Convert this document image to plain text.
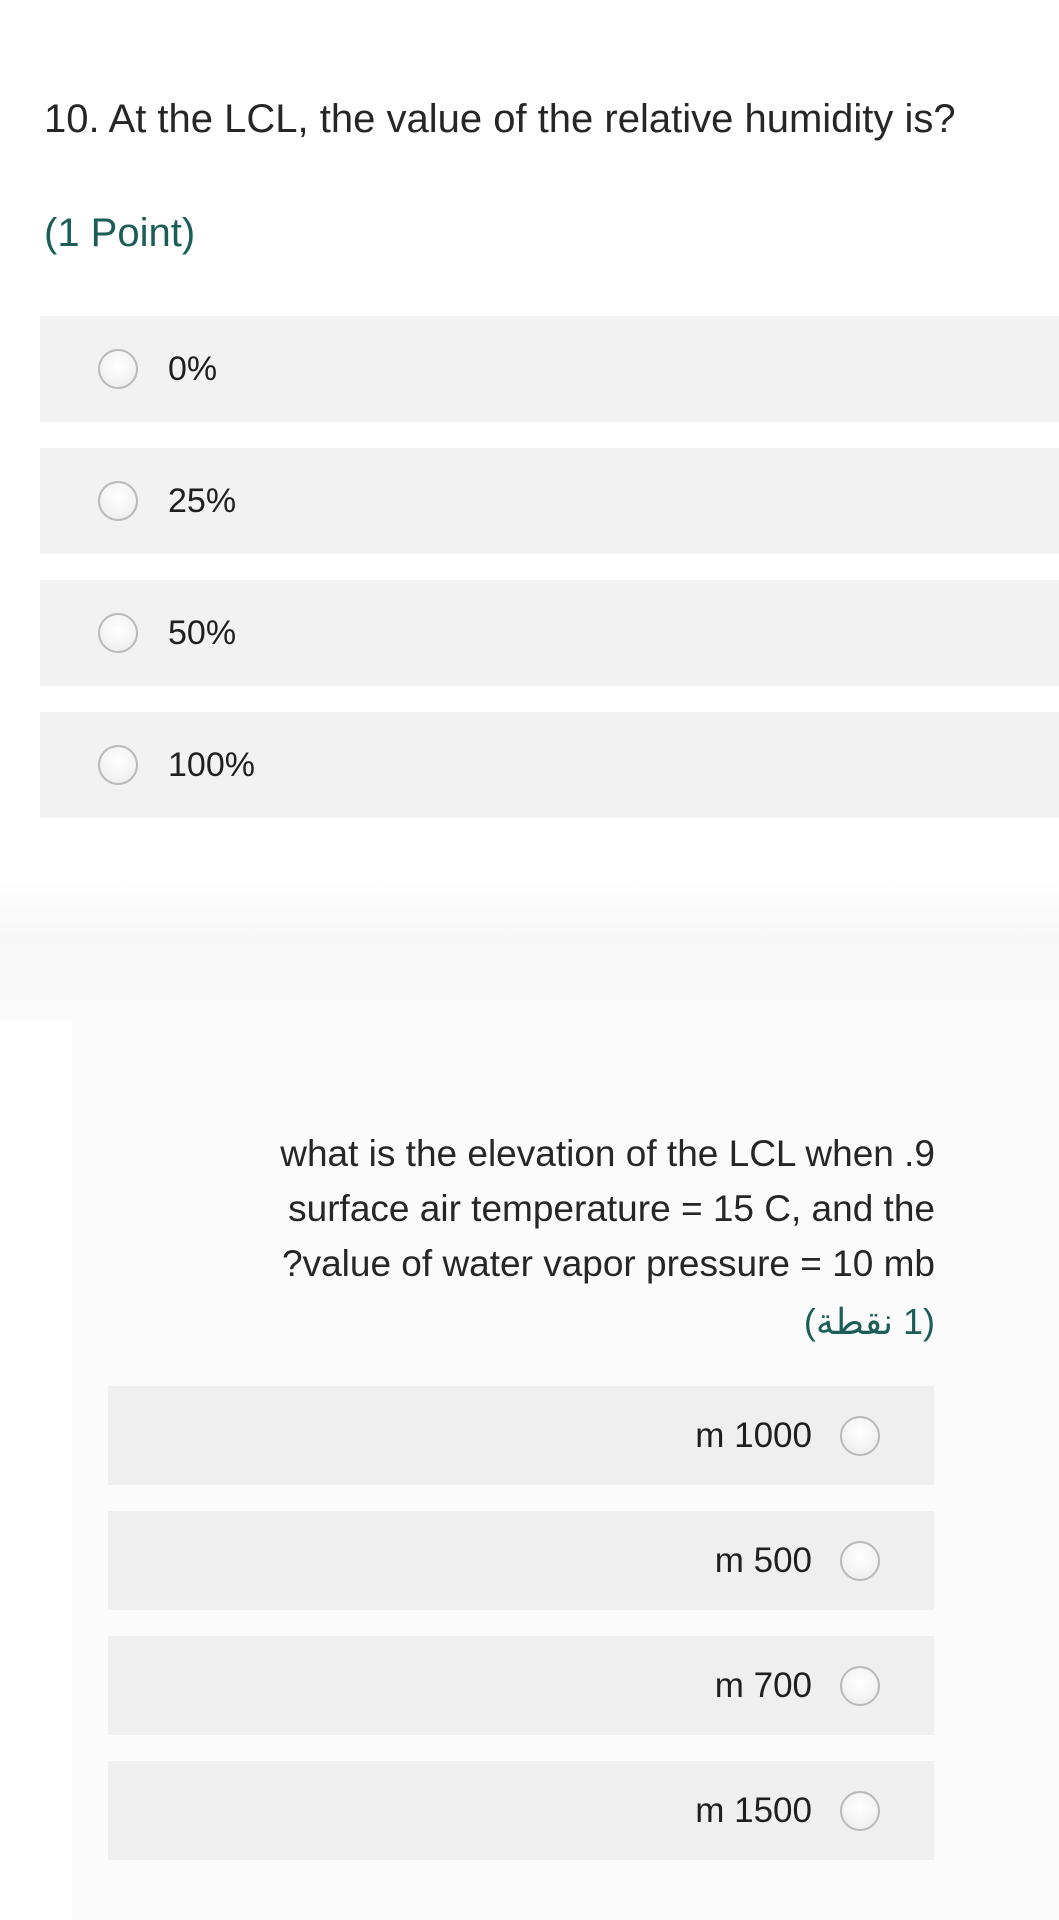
10. At the LCL, the value of the relative humidity is?
(1 Point)
0%
25%
50%
100%
what is the elevation of the LCL when .9
surface air temperature = 15 C, and the
?value of water vapor pressure = 10 mb
(1 نقطة)
m 1000
m 500
m 700
m 1500
